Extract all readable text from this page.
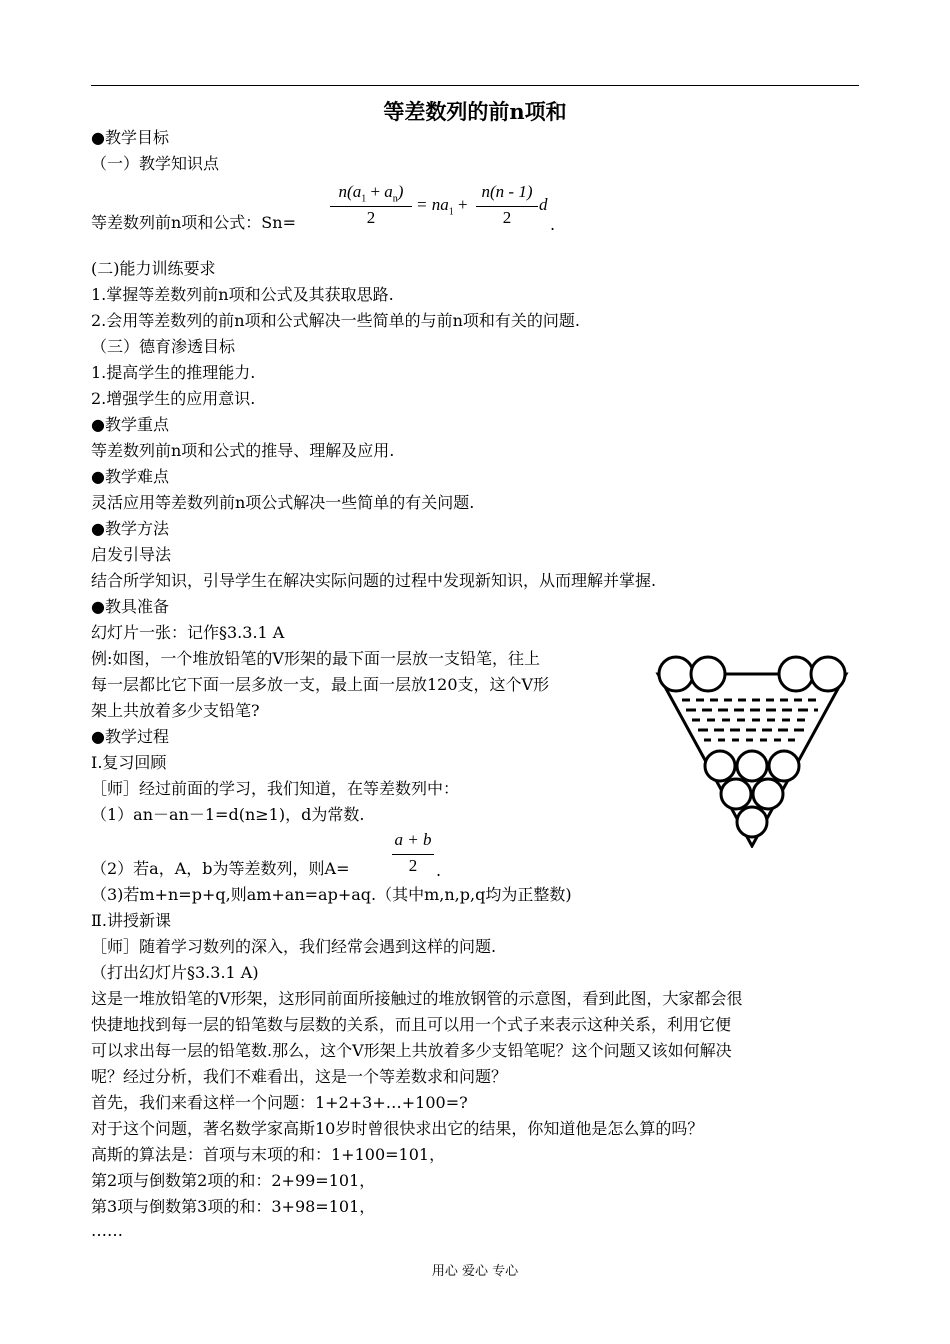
等差数列的前n项和
●教学目标
（一）教学知识点
等差数列前n项和公式：Sn=
$n(a_1 + a_n)$
2
= $na_1$ +
n(n - 1)
2
d
.
(二)能力训练要求
1.掌握等差数列前n项和公式及其获取思路.
2.会用等差数列的前n项和公式解决一些简单的与前n项和有关的问题.
（三）德育渗透目标
1.提高学生的推理能力.
2.增强学生的应用意识.
●教学重点
等差数列前n项和公式的推导、理解及应用.
●教学难点
灵活应用等差数列前n项公式解决一些简单的有关问题.
●教学方法
启发引导法
结合所学知识，引导学生在解决实际问题的过程中发现新知识，从而理解并掌握.
●教具准备
幻灯片一张：记作§3.3.1 A
例:如图，一个堆放铅笔的V形架的最下面一层放一支铅笔，往上
每一层都比它下面一层多放一支，最上面一层放120支，这个V形
架上共放着多少支铅笔?
●教学过程
Ⅰ.复习回顾
［师］经过前面的学习，我们知道，在等差数列中：
（1）an－an－1=d(n≥1)，d为常数.
（2）若a，A，b为等差数列，则A=
a + b
2	.
（3)若m+n=p+q,则am+an=ap+aq.（其中m,n,p,q均为正整数)
Ⅱ.讲授新课
［师］随着学习数列的深入，我们经常会遇到这样的问题.
（打出幻灯片§3.3.1 A)
这是一堆放铅笔的V形架，这形同前面所接触过的堆放钢管的示意图，看到此图，大家都会很
快捷地找到每一层的铅笔数与层数的关系，而且可以用一个式子来表示这种关系，利用它便
可以求出每一层的铅笔数.那么，这个V形架上共放着多少支铅笔呢？这个问题又该如何解决
呢？经过分析，我们不难看出，这是一个等差数求和问题？
首先，我们来看这样一个问题：1+2+3+…+100=?
对于这个问题，著名数学家高斯10岁时曾很快求出它的结果，你知道他是怎么算的吗？
高斯的算法是：首项与末项的和：1+100=101，
第2项与倒数第2项的和：2+99=101，
第3项与倒数第3项的和：3+98=101，
……
用心 爱心 专心
